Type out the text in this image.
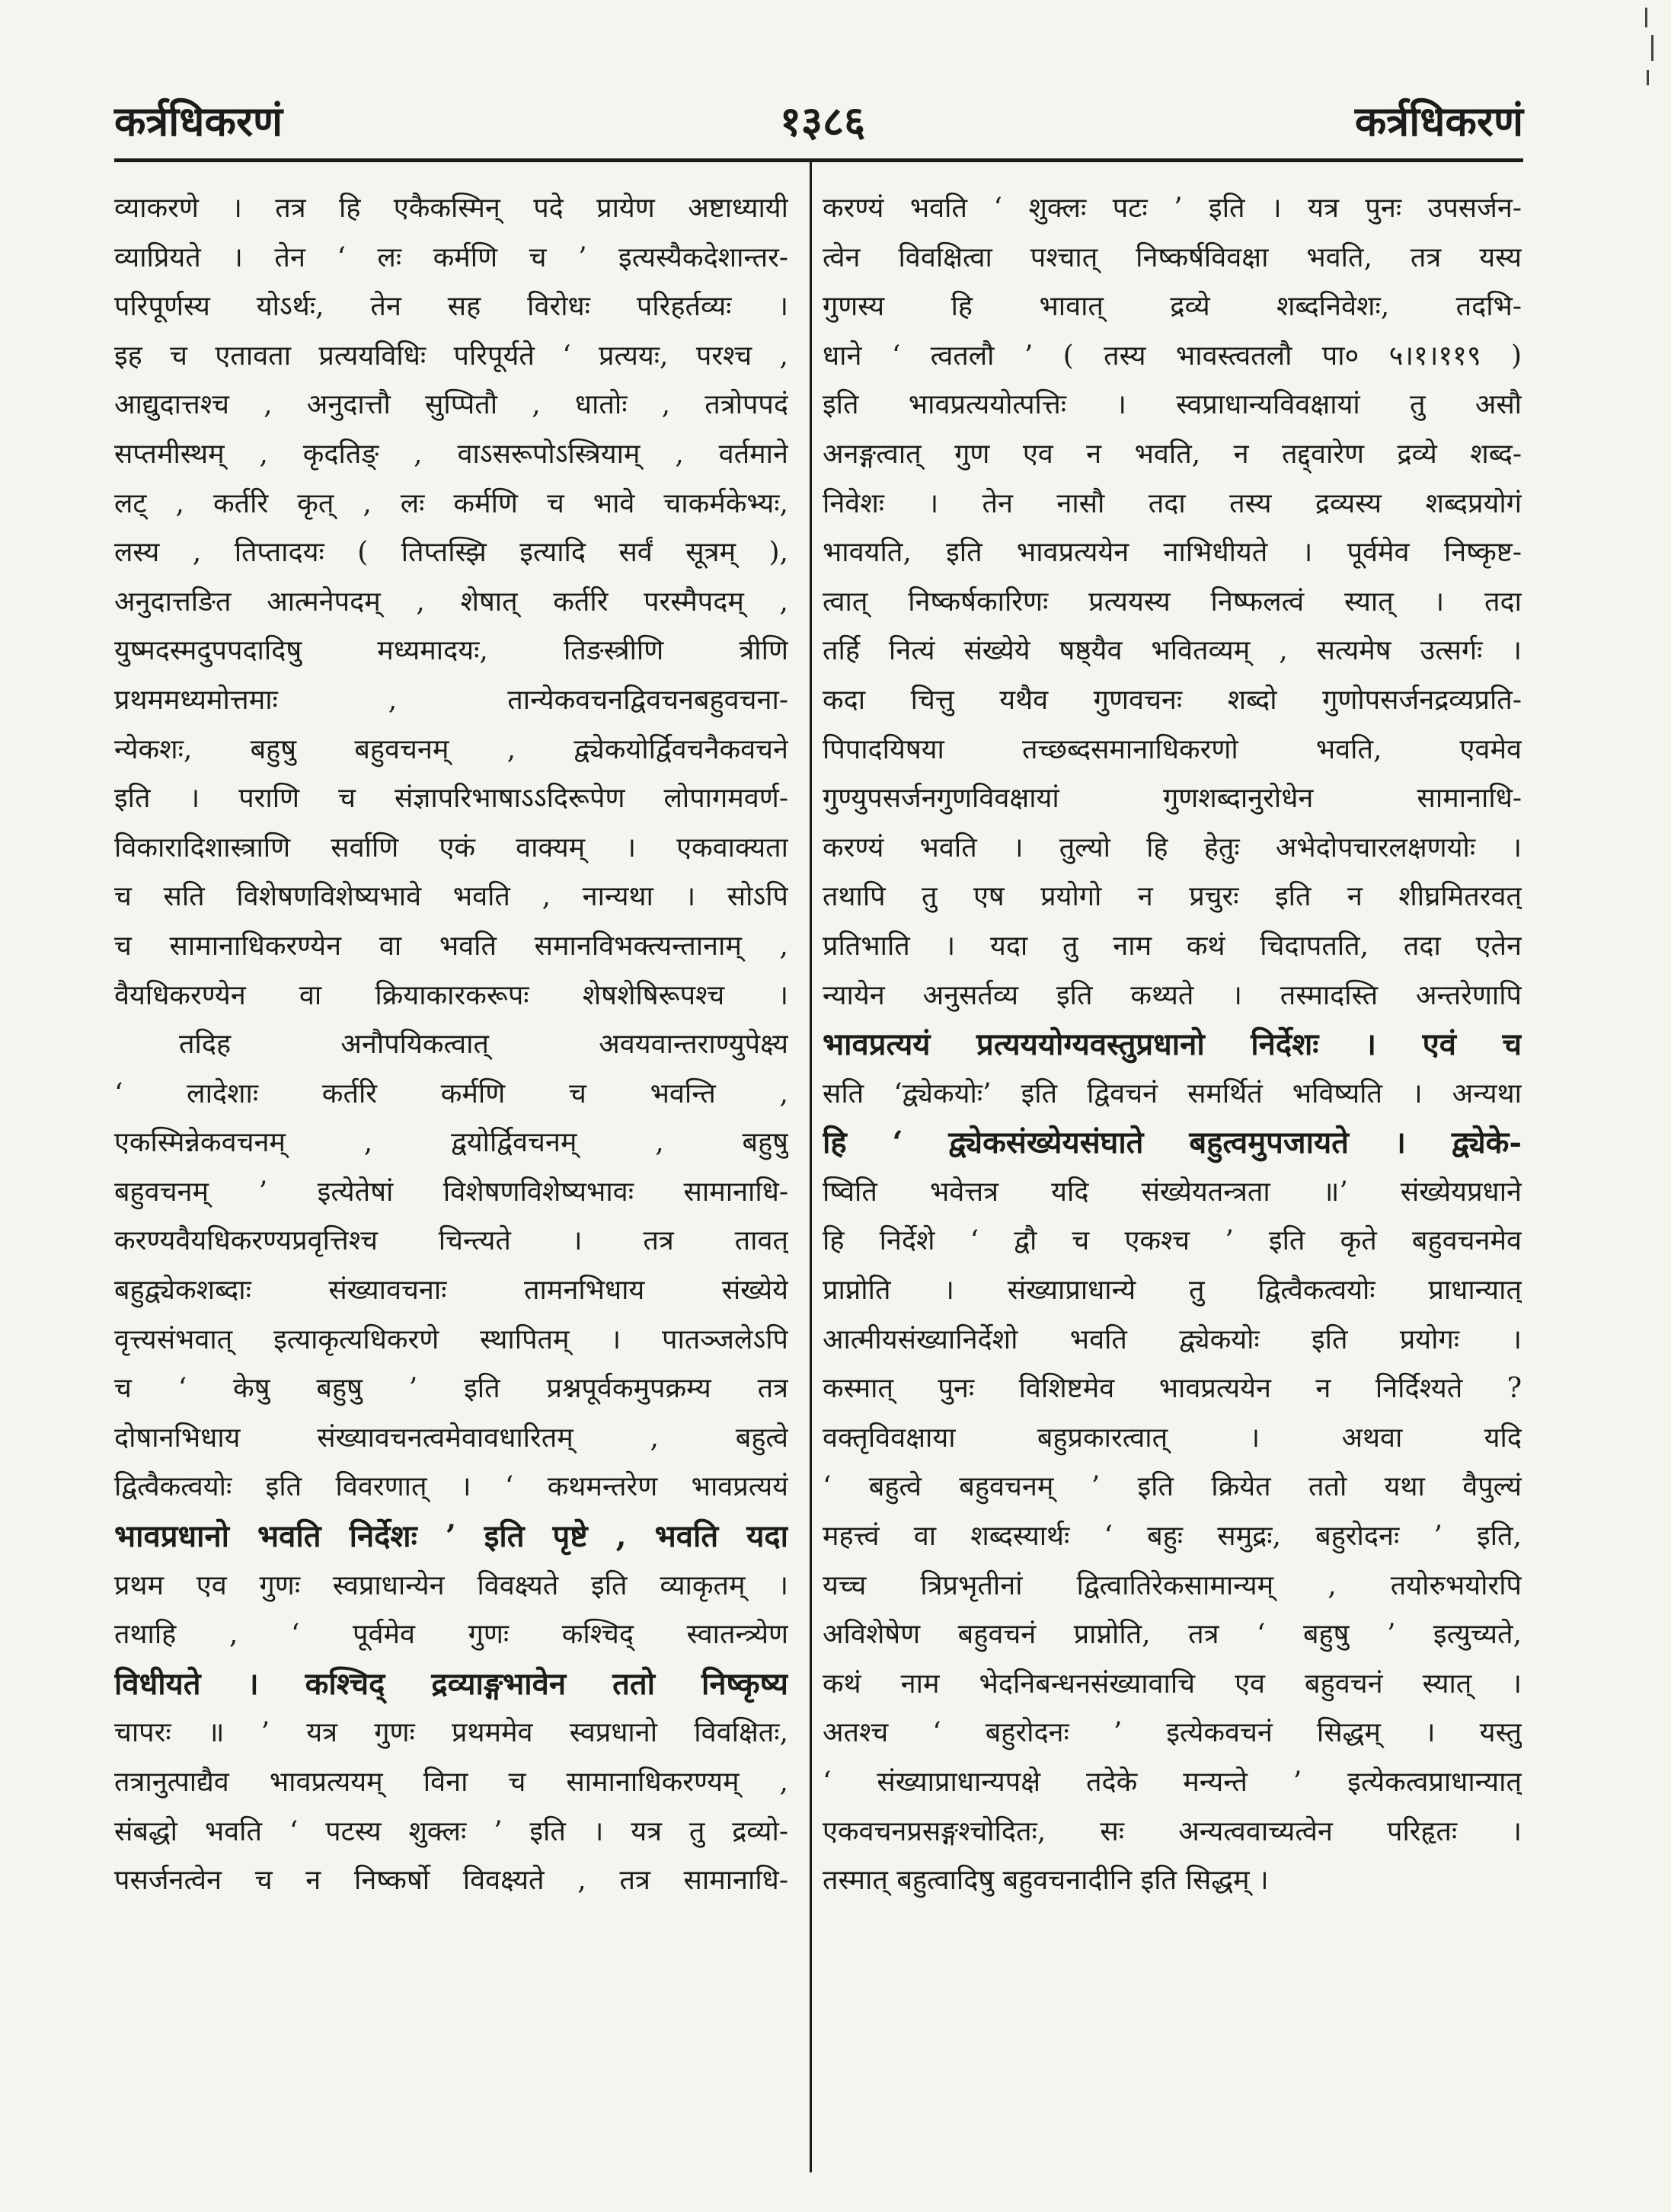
कर्त्रधिकरणं	१३८६	कर्त्रधिकरणं
व्याकरणे । तत्र हि एकैकस्मिन् पदे प्रायेण अष्टाध्यायी
व्याप्रियते । तेन ‘ लः कर्मणि च ’ इत्यस्यैकदेशान्तर-
परिपूर्णस्य योऽर्थः, तेन सह विरोधः परिहर्तव्यः ।
इह च एतावता प्रत्ययविधिः परिपूर्यते ‘ प्रत्ययः, परश्च ,
आद्युदात्तश्च , अनुदात्तौ सुप्पितौ , धातोः , तत्रोपपदं
सप्तमीस्थम् , कृदतिङ् , वाऽसरूपोऽस्त्रियाम् , वर्तमाने
लट् , कर्तरि कृत् , लः कर्मणि च भावे चाकर्मकेभ्यः,
लस्य , तिप्तादयः ( तिप्तस्झि इत्यादि सर्वं सूत्रम् ),
अनुदात्तङित आत्मनेपदम् , शेषात् कर्तरि परस्मैपदम् ,
युष्मदस्मदुपपदादिषु मध्यमादयः, तिङस्त्रीणि त्रीणि
प्रथममध्यमोत्तमाः , तान्येकवचनद्विवचनबहुवचना-
न्येकशः, बहुषु बहुवचनम् , द्व्येकयोर्द्विवचनैकवचने
इति । पराणि च संज्ञापरिभाषाऽऽदिरूपेण लोपागमवर्ण-
विकारादिशास्त्राणि सर्वाणि एकं वाक्यम् । एकवाक्यता
च सति विशेषणविशेष्यभावे भवति , नान्यथा । सोऽपि
च सामानाधिकरण्येन वा भवति समानविभक्त्यन्तानाम् ,
वैयधिकरण्येन वा क्रियाकारकरूपः शेषशेषिरूपश्च ।
तदिह अनौपयिकत्वात् अवयवान्तराण्युपेक्ष्य
‘ लादेशाः कर्तरि कर्मणि च भवन्ति ,
एकस्मिन्नेकवचनम् , द्वयोर्द्विवचनम् , बहुषु
बहुवचनम् ’ इत्येतेषां विशेषणविशेष्यभावः सामानाधि-
करण्यवैयधिकरण्यप्रवृत्तिश्च चिन्त्यते । तत्र तावत्
बहुद्व्येकशब्दाः संख्यावचनाः तामनभिधाय संख्येये
वृत्त्यसंभवात् इत्याकृत्यधिकरणे स्थापितम् । पातञ्जलेऽपि
च ‘ केषु बहुषु ’ इति प्रश्नपूर्वकमुपक्रम्य तत्र
दोषानभिधाय संख्यावचनत्वमेवावधारितम् , बहुत्वे
द्वित्वैकत्वयोः इति विवरणात् । ‘ कथमन्तरेण भावप्रत्ययं
भावप्रधानो भवति निर्देशः ’ इति पृष्टे , भवति यदा
प्रथम एव गुणः स्वप्राधान्येन विवक्ष्यते इति व्याकृतम् ।
तथाहि , ‘ पूर्वमेव गुणः कश्चिद् स्वातन्त्र्येण
विधीयते । कश्चिद् द्रव्याङ्गभावेन ततो निष्कृष्य
चापरः ॥ ’ यत्र गुणः प्रथममेव स्वप्रधानो विवक्षितः,
तत्रानुत्पाद्यैव भावप्रत्ययम् विना च सामानाधिकरण्यम् ,
संबद्धो भवति ‘ पटस्य शुक्लः ’ इति । यत्र तु द्रव्यो-
पसर्जनत्वेन च न निष्कर्षो विवक्ष्यते , तत्र सामानाधि-
करण्यं भवति ‘ शुक्लः पटः ’ इति । यत्र पुनः उपसर्जन-
त्वेन विवक्षित्वा पश्चात् निष्कर्षविवक्षा भवति, तत्र यस्य
गुणस्य हि भावात् द्रव्ये शब्दनिवेशः, तदभि-
धाने ‘ त्वतलौ ’ ( तस्य भावस्त्वतलौ पा० ५।१।११९ )
इति भावप्रत्ययोत्पत्तिः । स्वप्राधान्यविवक्षायां तु असौ
अनङ्गत्वात् गुण एव न भवति, न तद्द्वारेण द्रव्ये शब्द-
निवेशः । तेन नासौ तदा तस्य द्रव्यस्य शब्दप्रयोगं
भावयति, इति भावप्रत्ययेन नाभिधीयते । पूर्वमेव निष्कृष्ट-
त्वात् निष्कर्षकारिणः प्रत्ययस्य निष्फलत्वं स्यात् । तदा
तर्हि नित्यं संख्येये षष्ठ्यैव भवितव्यम् , सत्यमेष उत्सर्गः ।
कदा चित्तु यथैव गुणवचनः शब्दो गुणोपसर्जनद्रव्यप्रति-
पिपादयिषया तच्छब्दसमानाधिकरणो भवति, एवमेव
गुण्युपसर्जनगुणविवक्षायां गुणशब्दानुरोधेन सामानाधि-
करण्यं भवति । तुल्यो हि हेतुः अभेदोपचारलक्षणयोः ।
तथापि तु एष प्रयोगो न प्रचुरः इति न शीघ्रमितरवत्
प्रतिभाति । यदा तु नाम कथं चिदापतति, तदा एतेन
न्यायेन अनुसर्तव्य इति कथ्यते । तस्मादस्ति अन्तरेणापि
भावप्रत्ययं प्रत्यययोग्यवस्तुप्रधानो निर्देशः । एवं च
सति ‘द्व्येकयोः’ इति द्विवचनं समर्थितं भविष्यति । अन्यथा
हि ‘ द्व्येकसंख्येयसंघाते बहुत्वमुपजायते । द्व्येके-
ष्विति भवेत्तत्र यदि संख्येयतन्त्रता ॥’ संख्येयप्रधाने
हि निर्देशे ‘ द्वौ च एकश्च ’ इति कृते बहुवचनमेव
प्राप्नोति । संख्याप्राधान्ये तु द्वित्वैकत्वयोः प्राधान्यात्
आत्मीयसंख्यानिर्देशो भवति द्व्येकयोः इति प्रयोगः ।
कस्मात् पुनः विशिष्टमेव भावप्रत्ययेन न निर्दिश्यते ?
वक्तृविवक्षाया बहुप्रकारत्वात् । अथवा यदि
‘ बहुत्वे बहुवचनम् ’ इति क्रियेत ततो यथा वैपुल्यं
महत्त्वं वा शब्दस्यार्थः ‘ बहुः समुद्रः, बहुरोदनः ’ इति,
यच्च त्रिप्रभृतीनां द्वित्वातिरेकसामान्यम् , तयोरुभयोरपि
अविशेषेण बहुवचनं प्राप्नोति, तत्र ‘ बहुषु ’ इत्युच्यते,
कथं नाम भेदनिबन्धनसंख्यावाचि एव बहुवचनं स्यात् ।
अतश्च ‘ बहुरोदनः ’ इत्येकवचनं सिद्धम् । यस्तु
‘ संख्याप्राधान्यपक्षे तदेके मन्यन्ते ’ इत्येकत्वप्राधान्यात्
एकवचनप्रसङ्गश्चोदितः, सः अन्यत्ववाच्यत्वेन परिहृतः ।
तस्मात् बहुत्वादिषु बहुवचनादीनि इति सिद्धम् ।
